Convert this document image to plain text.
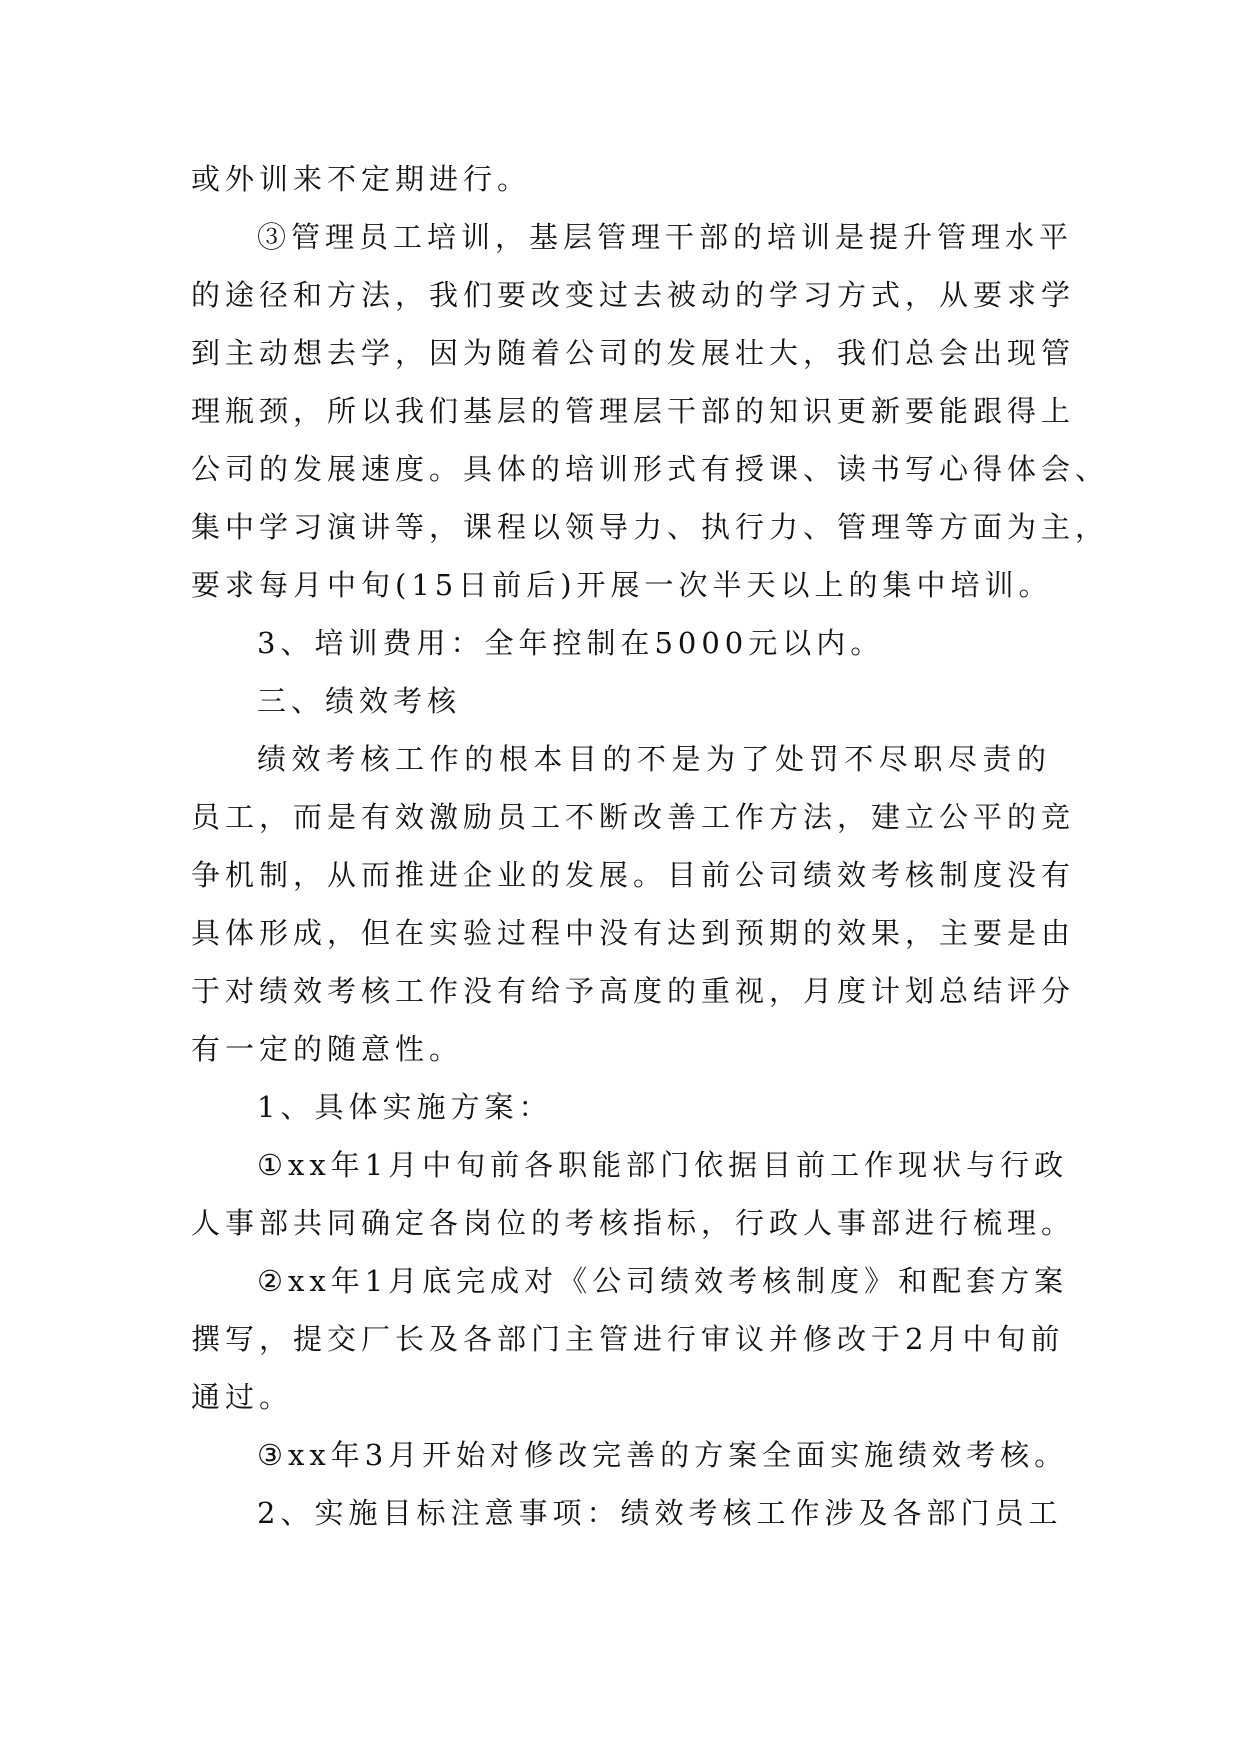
或外训来不定期进行。
③管理员工培训，基层管理干部的培训是提升管理水平
的途径和方法，我们要改变过去被动的学习方式，从要求学
到主动想去学，因为随着公司的发展壮大，我们总会出现管
理瓶颈，所以我们基层的管理层干部的知识更新要能跟得上
公司的发展速度。具体的培训形式有授课、读书写心得体会、
集中学习演讲等，课程以领导力、执行力、管理等方面为主，
要求每月中旬(15日前后)开展一次半天以上的集中培训。
3、培训费用：全年控制在5000元以内。
三、绩效考核
绩效考核工作的根本目的不是为了处罚不尽职尽责的
员工，而是有效激励员工不断改善工作方法，建立公平的竞
争机制，从而推进企业的发展。目前公司绩效考核制度没有
具体形成，但在实验过程中没有达到预期的效果，主要是由
于对绩效考核工作没有给予高度的重视，月度计划总结评分
有一定的随意性。
1、具体实施方案：
①xx年1月中旬前各职能部门依据目前工作现状与行政
人事部共同确定各岗位的考核指标，行政人事部进行梳理。
②xx年1月底完成对《公司绩效考核制度》和配套方案
撰写，提交厂长及各部门主管进行审议并修改于2月中旬前
通过。
③xx年3月开始对修改完善的方案全面实施绩效考核。
2、实施目标注意事项：绩效考核工作涉及各部门员工
